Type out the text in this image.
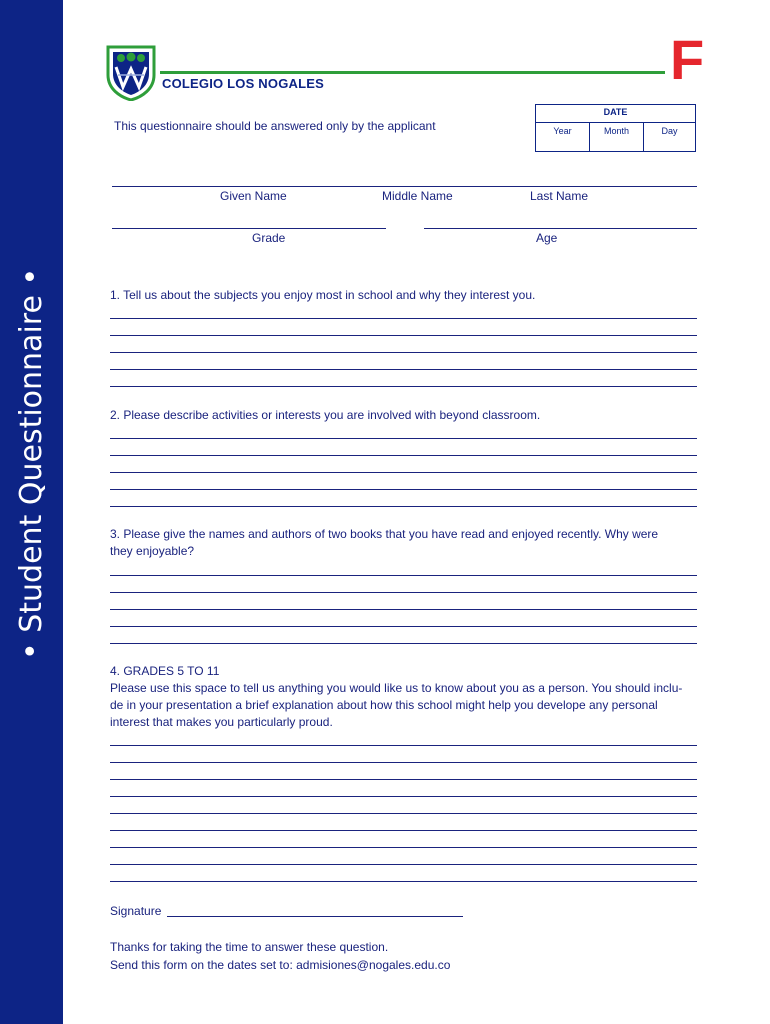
• Student Questionnaire •
COLEGIO LOS NOGALES	F
This questionnaire should be answered only by the applicant
DATE
Year	Month	Day
Given Name	Middle Name	Last Name
Grade	Age
1. Tell us about the subjects you enjoy most in school and why they interest you.
2. Please describe activities or interests you are involved with beyond classroom.
3. Please give the names and authors of two books that you have read and enjoyed recently. Why were
they enjoyable?
4. GRADES 5 TO 11
Please use this space to tell us anything you would like us to know about you as a person. You should inclu-
de in your presentation a brief explanation about how this school might help you develope any personal
interest that makes you particularly proud.
Signature
Thanks for taking the time to answer these question.
Send this form on the dates set to: admisiones@nogales.edu.co
